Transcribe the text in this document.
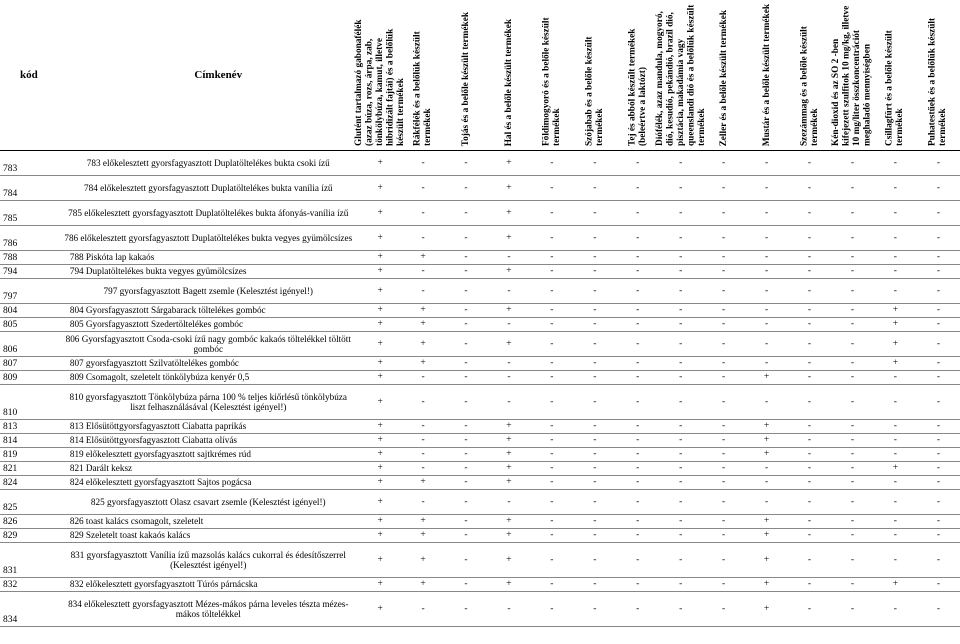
kód	Címkenév	Glutént tartalmazó gabonafélék (azaz búza, rozs, árpa, zab, tönkölybúza, kamut, illetve hibridizált fajtái) és a belőlük készült termékek	Rákfélék és a belőlük készült termékek	Tojás és a belőle készült termékek	Hal és a belőle készült termékek	Földimogyoró és a belőle készült termékek	Szójabab és a belőle készült termékek	Tej és abból készült termékek (beleértve a laktózt)	Diófélék, azaz mandula, mogyoró, dió, kesudió, pekándió, brazil dió, pisztácia, makadámia vagy queenslandi dió és a belőlük készült termékek	Zeller és a belőle készült termékek	Mustár és a belőle készült termékek	Szezámmag és a belőle készült termékek	Kén-dioxid és az SO 2 -ben kifejezett szulfitok 10 mg/kg, illetve 10 mg/liter összkoncentrációt meghaladó mennyiségben	Csillagfürt és a belőle készült termékek	Puhatestűek és a belőlük készült termékek

783	783 előkelesztett gyorsfagyasztott Duplatöltelékes bukta csoki ízű	+	-	-	+	-	-	-	-	-	-	-	-	-	-
784	784 előkelesztett gyorsfagyasztott Duplatöltelékes bukta vanília ízű	+	-	-	+	-	-	-	-	-	-	-	-	-	-
785	785 előkelesztett gyorsfagyasztott Duplatöltelékes bukta áfonyás-vanília ízű	+	-	-	+	-	-	-	-	-	-	-	-	-	-
786	786 előkelesztett gyorsfagyasztott Duplatöltelékes bukta vegyes gyümölcsízes	+	-	-	+	-	-	-	-	-	-	-	-	-	-
788	788 Piskóta lap kakaós	+	+	-	-	-	-	-	-	-	-	-	-	-	-
794	794 Duplatöltelékes bukta vegyes gyümölcsízes	+	-	-	+	-	-	-	-	-	-	-	-	-	-
797	797 gyorsfagyasztott Bagett zsemle (Kelesztést igényel!)	+	-	-	-	-	-	-	-	-	-	-	-	-	-
804	804 Gyorsfagyasztott Sárgabarack töltelékes gombóc	+	+	-	+	-	-	-	-	-	-	-	-	+	-
805	805 Gyorsfagyasztott Szedertöltelékes gombóc	+	+	-	-	-	-	-	-	-	-	-	-	+	-
806	806 Gyorsfagyasztott Csoda-csoki ízű nagy gombóc kakaós töltelékkel töltött gombóc	+	+	-	+	-	-	-	-	-	-	-	-	+	-
807	807 gyorsfagyasztott Szilvatöltelékes gombóc	+	+	-	-	-	-	-	-	-	-	-	-	+	-
809	809 Csomagolt, szeletelt tönkölybúza kenyér 0,5	+	-	-	-	-	-	-	-	-	+	-	-	-	-
810	810 gyorsfagyasztott Tönkölybúza párna 100 % teljes kiőrlésű tönkölybúza liszt felhasználásával (Kelesztést igényel!)	+	-	-	-	-	-	-	-	-	-	-	-	-	-
813	813 Elősütöttgyorsfagyasztott Ciabatta paprikás	+	-	-	+	-	-	-	-	-	+	-	-	-	-
814	814 Elősütöttgyorsfagyasztott Ciabatta olívás	+	-	-	+	-	-	-	-	-	+	-	-	-	-
819	819 előkelesztett gyorsfagyasztott sajtkrémes rúd	+	-	-	+	-	-	-	-	-	+	-	-	-	-
821	821 Darált keksz	+	-	-	+	-	-	-	-	-	-	-	-	+	-
824	824 előkelesztett gyorsfagyasztott Sajtos pogácsa	+	+	-	+	-	-	-	-	-	-	-	-	-	-
825	825 gyorsfagyasztott Olasz csavart zsemle (Kelesztést igényel!)	+	-	-	-	-	-	-	-	-	-	-	-	-	-
826	826 toast kalács csomagolt, szeletelt	+	+	-	+	-	-	-	-	-	+	-	-	-	-
829	829 Szeletelt toast kakaós kalács	+	+	-	+	-	-	-	-	-	+	-	-	-	-
831	831 gyorsfagyasztott Vanília ízű mazsolás kalács cukorral és édesítőszerrel (Kelesztést igényel!)	+	+	-	+	-	-	-	-	-	+	-	-	-	-
832	832 előkelesztett gyorsfagyasztott Túrós párnácska	+	+	-	+	-	-	-	-	-	+	-	-	+	-
834	834 előkelesztett gyorsfagyasztott Mézes-mákos párna leveles tészta mézes-mákos töltelékkel	+	-	-	-	-	-	-	-	-	+	-	-	-	-
